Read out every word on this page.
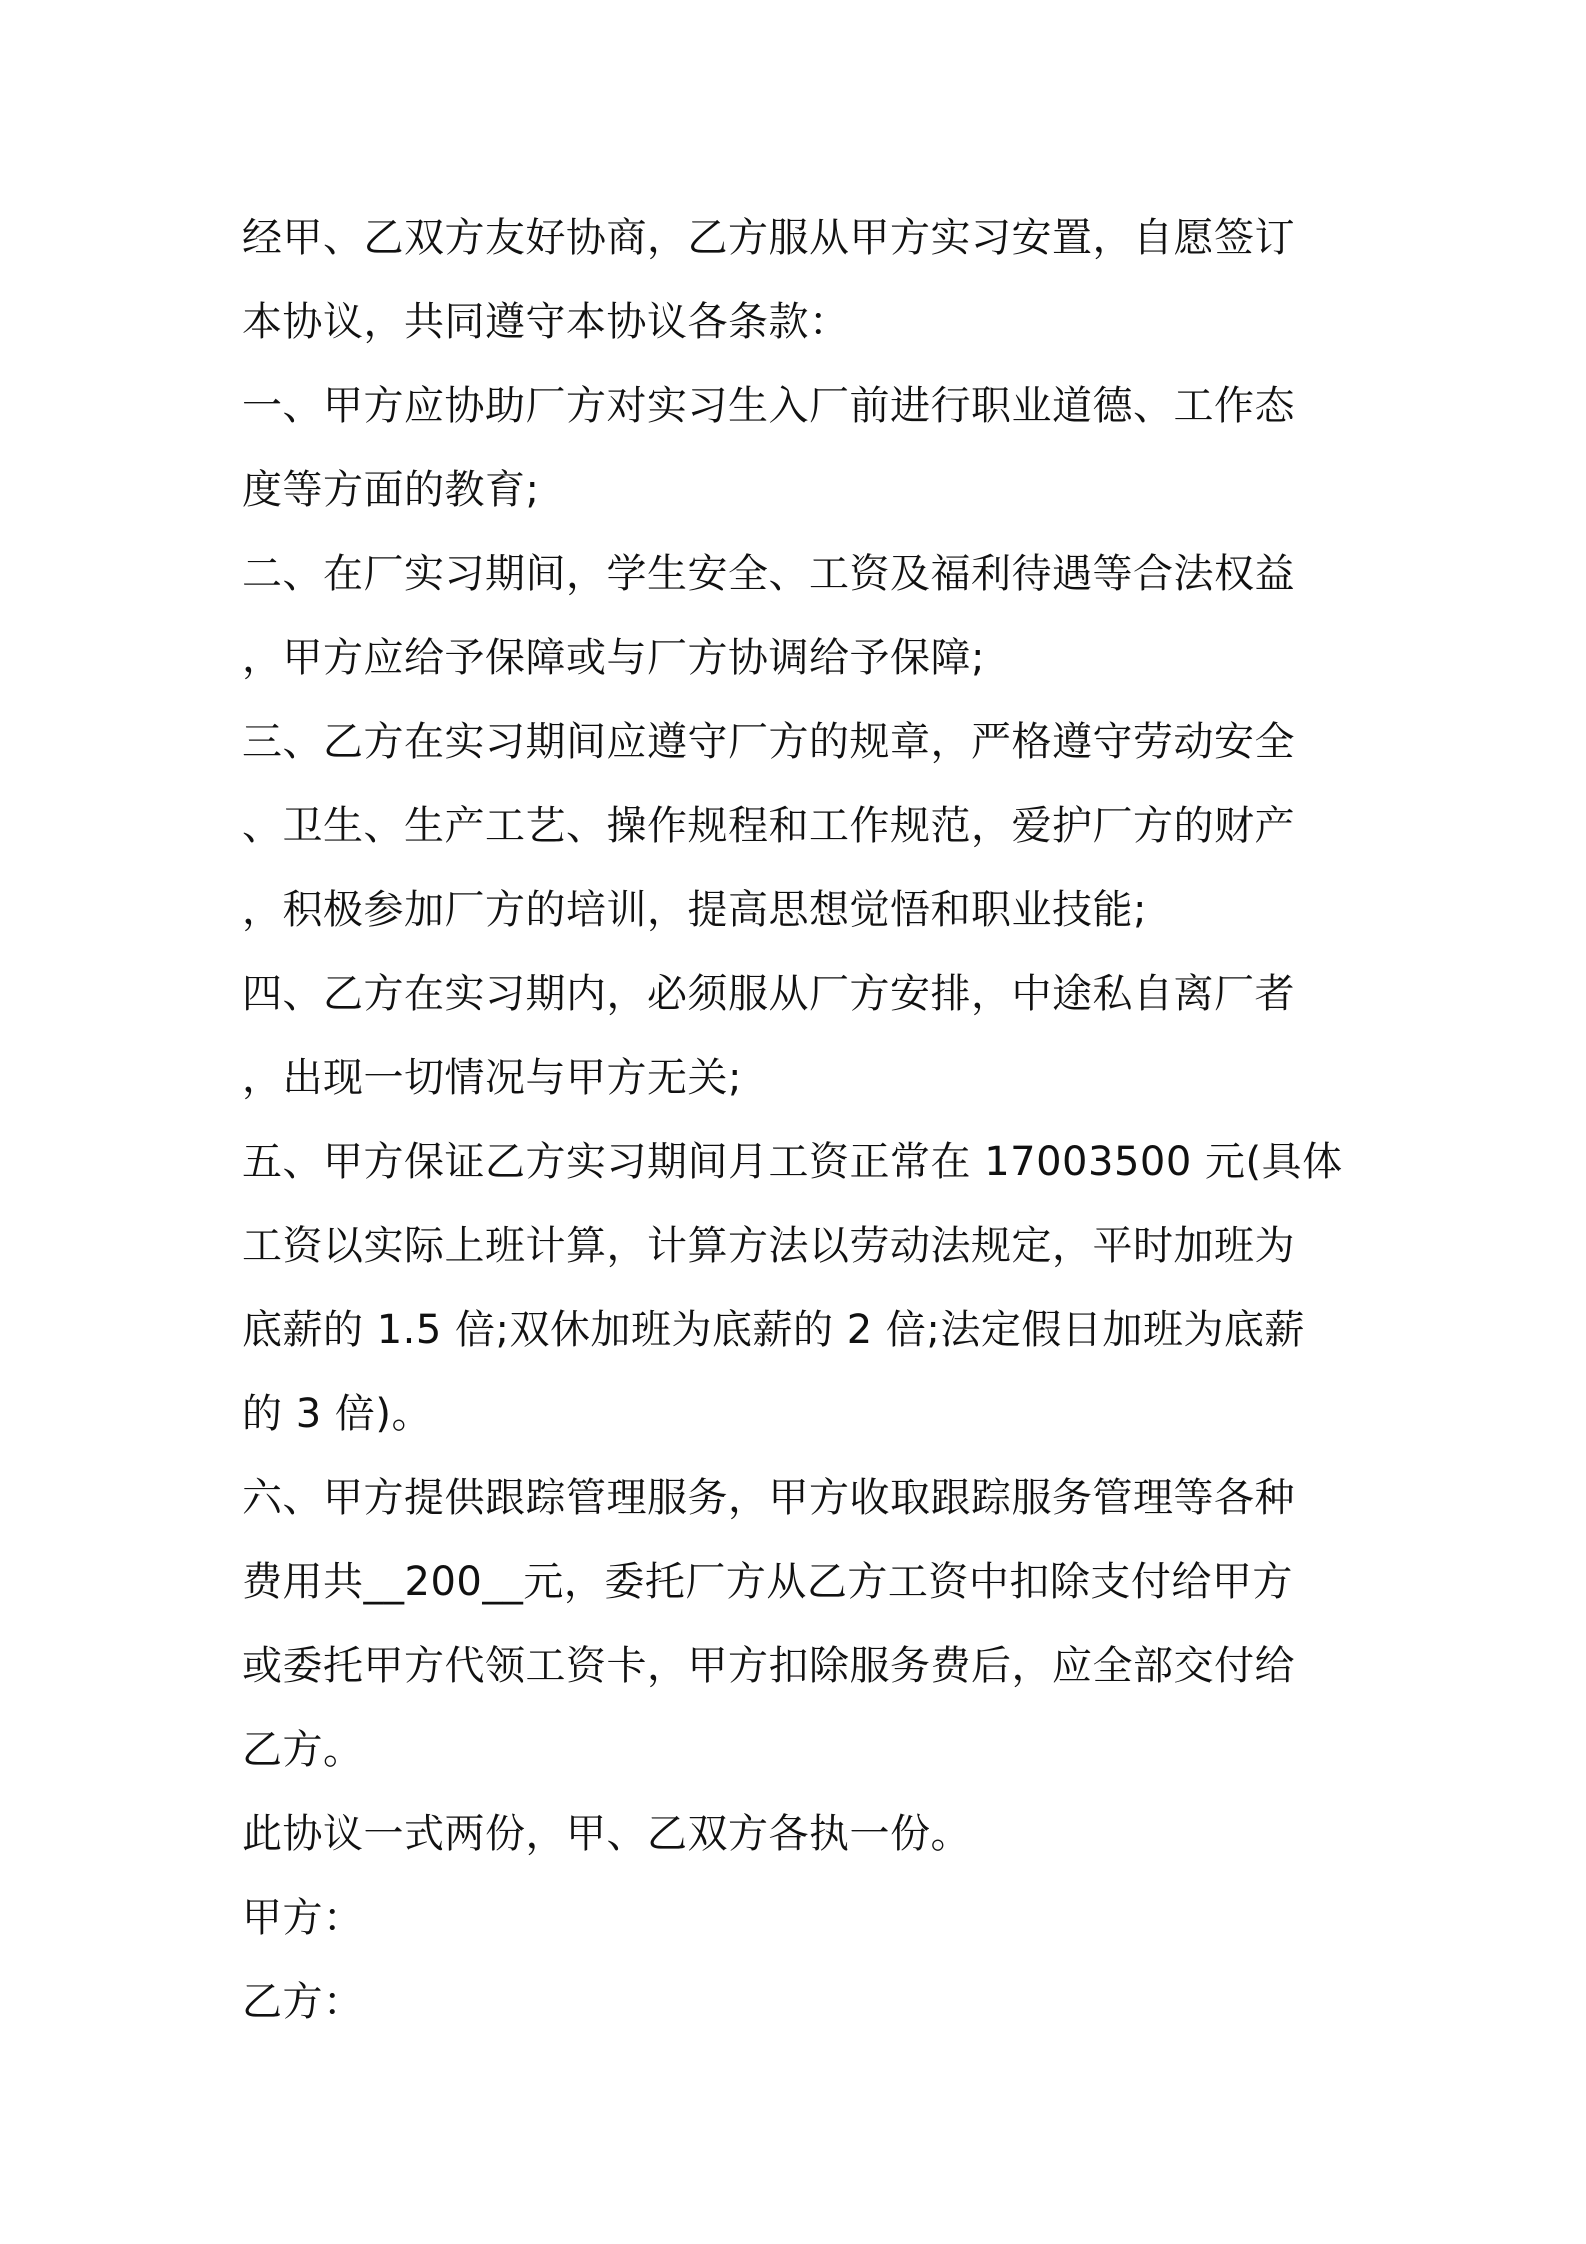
经甲、乙双方友好协商，乙方服从甲方实习安置，自愿签订
本协议，共同遵守本协议各条款：
一、甲方应协助厂方对实习生入厂前进行职业道德、工作态
度等方面的教育;
二、在厂实习期间，学生安全、工资及福利待遇等合法权益
，甲方应给予保障或与厂方协调给予保障;
三、乙方在实习期间应遵守厂方的规章，严格遵守劳动安全
、卫生、生产工艺、操作规程和工作规范，爱护厂方的财产
，积极参加厂方的培训，提高思想觉悟和职业技能;
四、乙方在实习期内，必须服从厂方安排，中途私自离厂者
，出现一切情况与甲方无关;
五、甲方保证乙方实习期间月工资正常在 17003500 元(具体
工资以实际上班计算，计算方法以劳动法规定，平时加班为
底薪的 1.5 倍;双休加班为底薪的 2 倍;法定假日加班为底薪
的 3 倍)。
六、甲方提供跟踪管理服务，甲方收取跟踪服务管理等各种
费用共__200__元，委托厂方从乙方工资中扣除支付给甲方
或委托甲方代领工资卡，甲方扣除服务费后，应全部交付给
乙方。
此协议一式两份，甲、乙双方各执一份。
甲方：
乙方：
